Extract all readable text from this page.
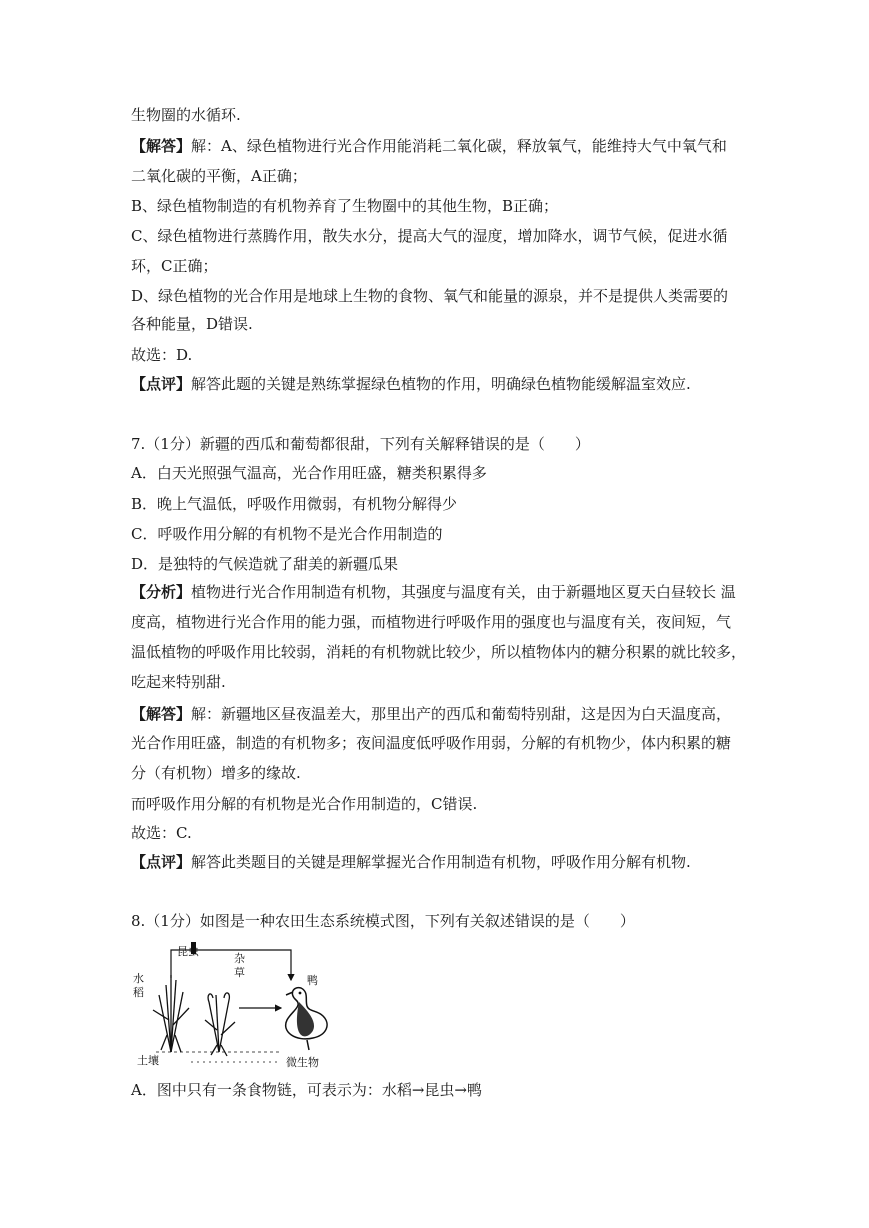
生物圈的水循环.
【解答】解：A、绿色植物进行光合作用能消耗二氧化碳，释放氧气，能维持大气中氧气和
二氧化碳的平衡，A正确；
B、绿色植物制造的有机物养育了生物圈中的其他生物，B正确；
C、绿色植物进行蒸腾作用，散失水分，提高大气的湿度，增加降水，调节气候，促进水循
环，C正确；
D、绿色植物的光合作用是地球上生物的食物、氧气和能量的源泉，并不是提供人类需要的
各种能量，D错误.
故选：D.
【点评】解答此题的关键是熟练掌握绿色植物的作用，明确绿色植物能缓解温室效应.
7.（1分）新疆的西瓜和葡萄都很甜，下列有关解释错误的是（　　）
A．白天光照强气温高，光合作用旺盛，糖类积累得多
B．晚上气温低，呼吸作用微弱，有机物分解得少
C．呼吸作用分解的有机物不是光合作用制造的
D．是独特的气候造就了甜美的新疆瓜果
【分析】植物进行光合作用制造有机物，其强度与温度有关，由于新疆地区夏天白昼较长 温
度高，植物进行光合作用的能力强，而植物进行呼吸作用的强度也与温度有关，夜间短，气
温低植物的呼吸作用比较弱，消耗的有机物就比较少，所以植物体内的糖分积累的就比较多，
吃起来特别甜.
【解答】解：新疆地区昼夜温差大，那里出产的西瓜和葡萄特别甜，这是因为白天温度高，
光合作用旺盛，制造的有机物多；夜间温度低呼吸作用弱，分解的有机物少，体内积累的糖
分（有机物）增多的缘故.
而呼吸作用分解的有机物是光合作用制造的，C错误.
故选：C.
【点评】解答此类题目的关键是理解掌握光合作用制造有机物，呼吸作用分解有机物.
8.（1分）如图是一种农田生态系统模式图，下列有关叙述错误的是（　　）
昆虫
水
稻
杂
草
鸭
土壤	微生物
A．图中只有一条食物链，可表示为：水稻→昆虫→鸭
